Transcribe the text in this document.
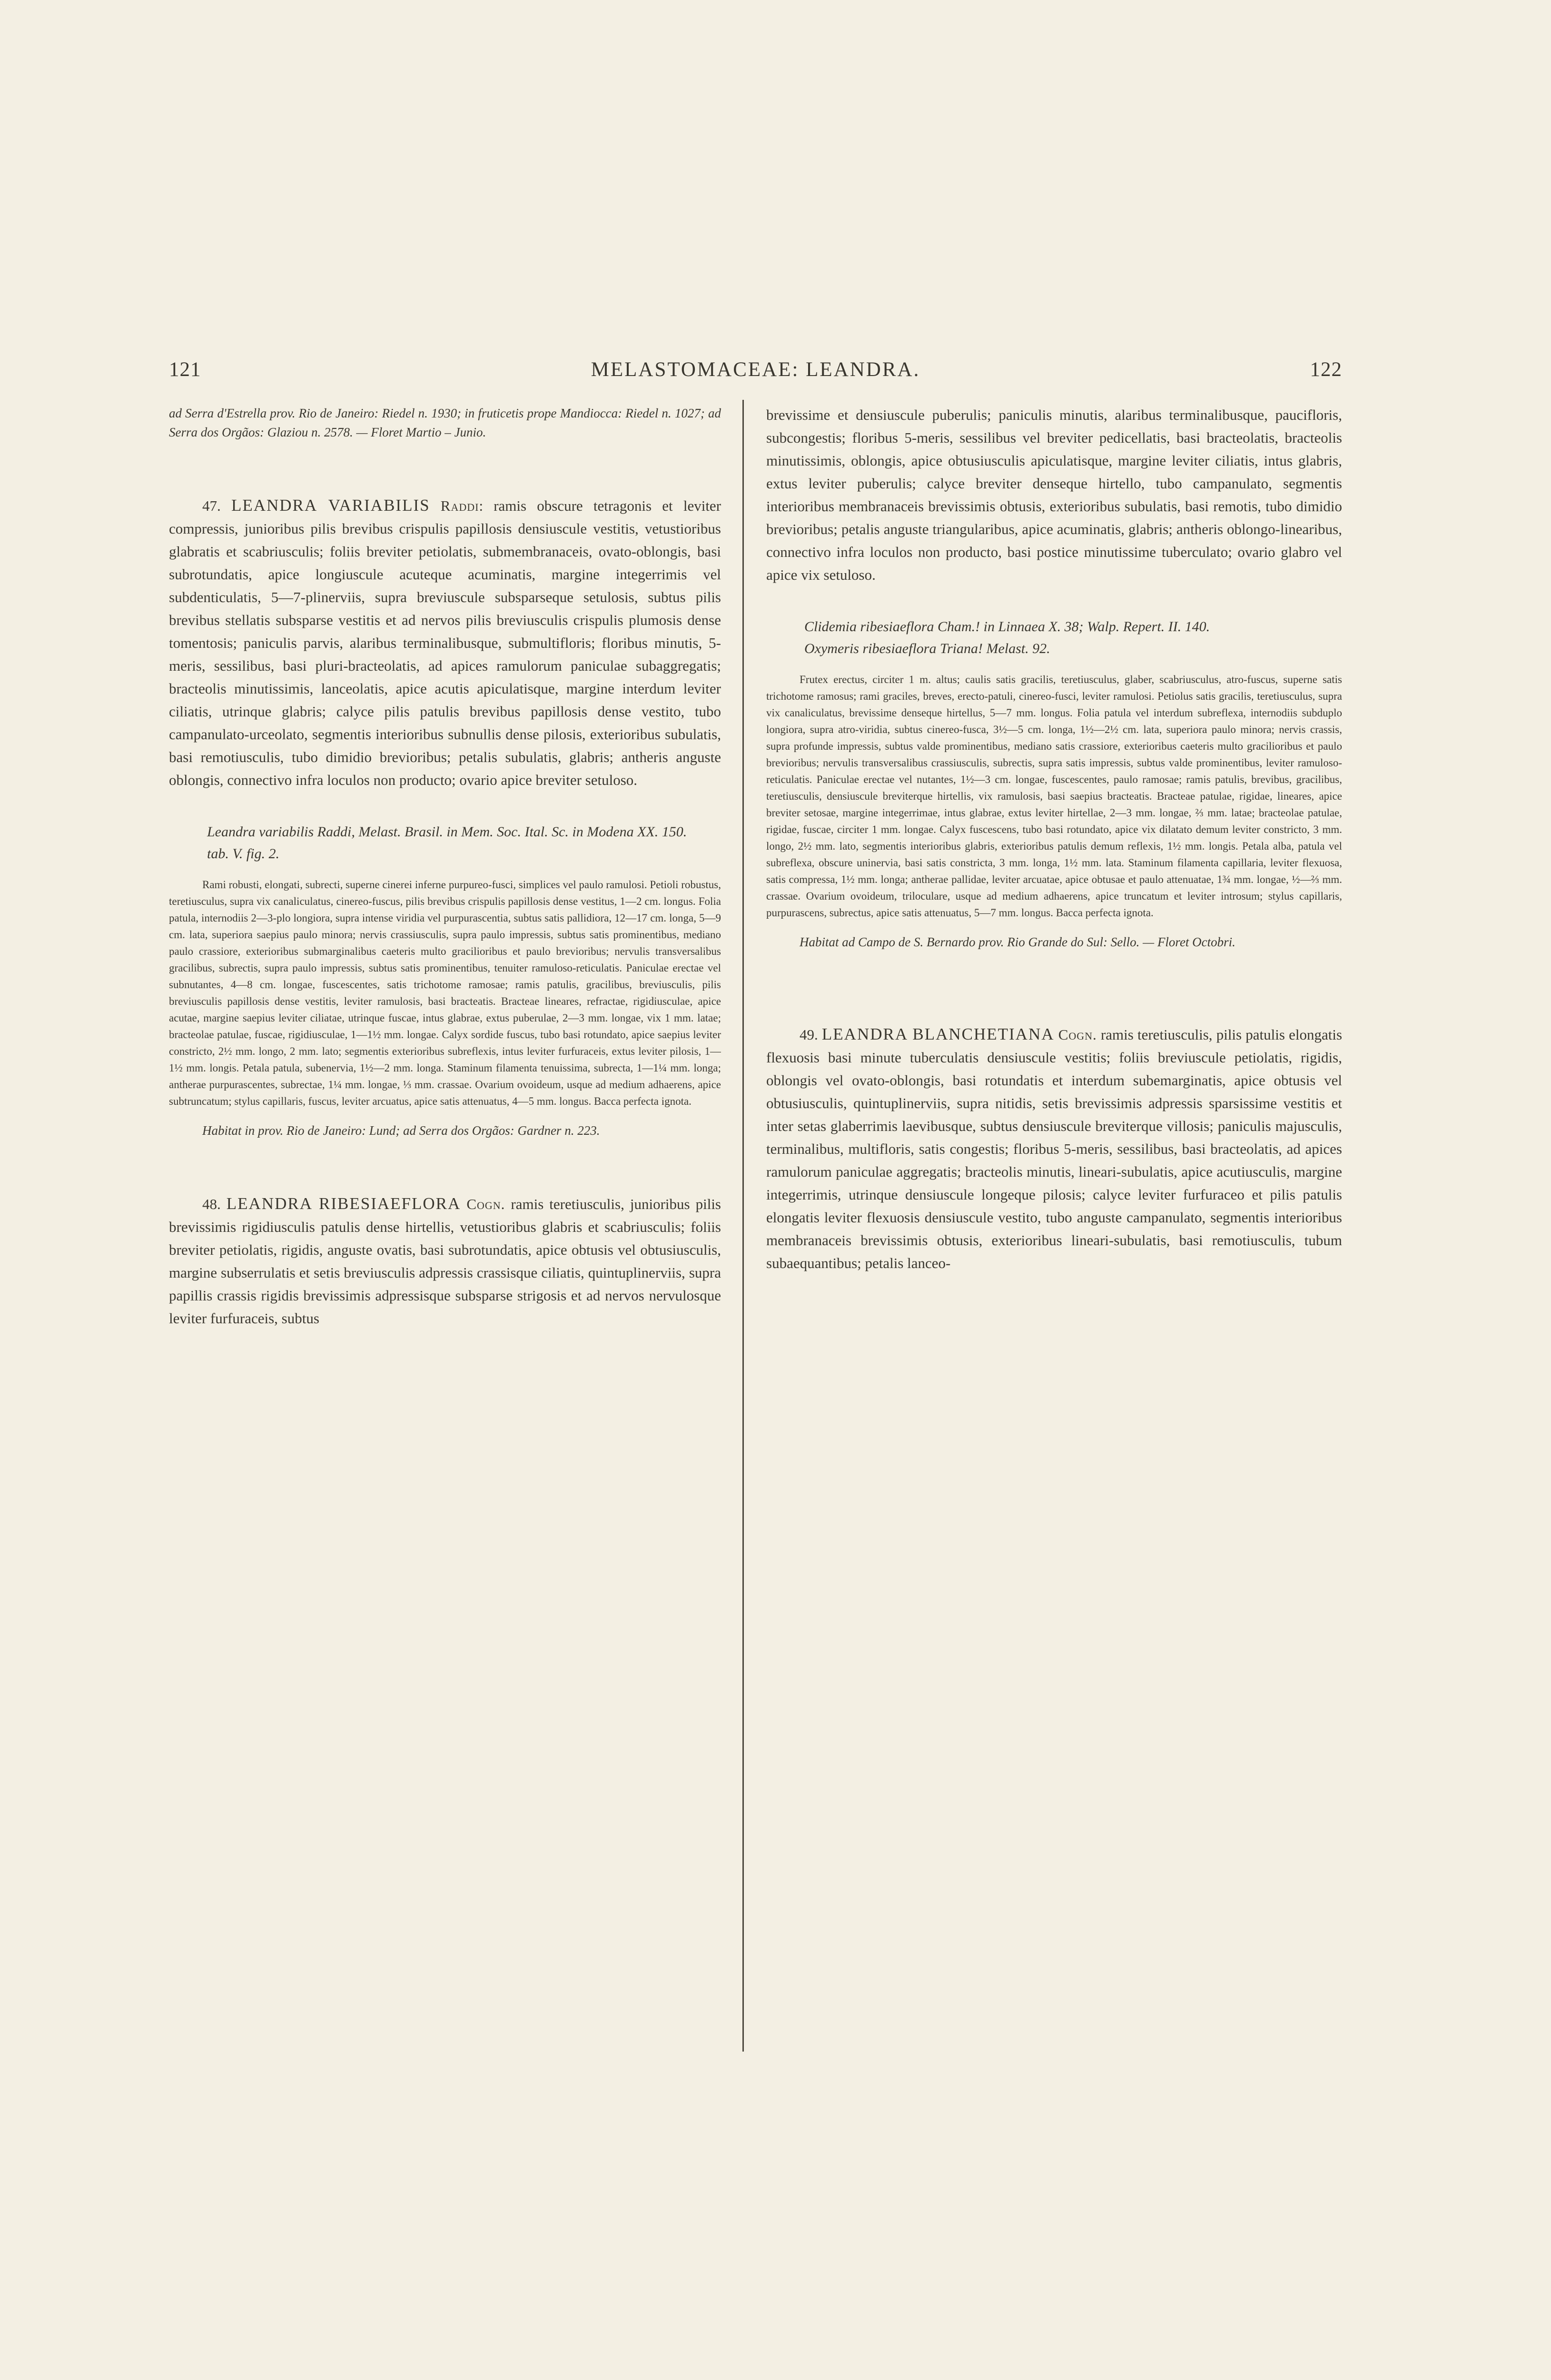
121	MELASTOMACEAE: LEANDRA.	122

ad Serra d'Estrella prov. Rio de Janeiro: Riedel n. 1930; in fruticetis prope Mandiocca: Riedel n. 1027; ad Serra dos Orgãos: Glaziou n. 2578. — Floret Martio – Junio.

47. LEANDRA VARIABILIS Raddi: ramis obscure tetragonis et leviter compressis, junioribus pilis brevibus crispulis papillosis densiuscule vestitis, vetustioribus glabratis et scabriusculis; foliis breviter petiolatis, submembranaceis, ovato-oblongis, basi subrotundatis, apice longiuscule acuteque acuminatis, margine integerrimis vel subdenticulatis, 5—7-plinerviis, supra breviuscule subsparseque setulosis, subtus pilis brevibus stellatis subsparse vestitis et ad nervos pilis breviusculis crispulis plumosis dense tomentosis; paniculis parvis, alaribus terminalibusque, submultifloris; floribus minutis, 5-meris, sessilibus, basi pluri-bracteolatis, ad apices ramulorum paniculae subaggregatis; bracteolis minutissimis, lanceolatis, apice acutis apiculatisque, margine interdum leviter ciliatis, utrinque glabris; calyce pilis patulis brevibus papillosis dense vestito, tubo campanulato-urceolato, segmentis interioribus subnullis dense pilosis, exterioribus subulatis, basi remotiusculis, tubo dimidio brevioribus; petalis subulatis, glabris; antheris anguste oblongis, connectivo infra loculos non producto; ovario apice breviter setuloso.

Leandra variabilis Raddi, Melast. Brasil. in Mem. Soc. Ital. Sc. in Modena XX. 150. tab. V. fig. 2.

Rami robusti, elongati, subrecti, superne cinerei inferne purpureo-fusci, simplices vel paulo ramulosi. Petioli robustus, teretiusculus, supra vix canaliculatus, cinereo-fuscus, pilis brevibus crispulis papillosis dense vestitus, 1—2 cm. longus. Folia patula, internodiis 2—3-plo longiora, supra intense viridia vel purpurascentia, subtus satis pallidiora, 12—17 cm. longa, 5—9 cm. lata, superiora saepius paulo minora; nervis crassiusculis, supra paulo impressis, subtus satis prominentibus, mediano paulo crassiore, exterioribus submarginalibus caeteris multo gracilioribus et paulo brevioribus; nervulis transversalibus gracilibus, subrectis, supra paulo impressis, subtus satis prominentibus, tenuiter ramuloso-reticulatis. Paniculae erectae vel subnutantes, 4—8 cm. longae, fuscescentes, satis trichotome ramosae; ramis patulis, gracilibus, breviusculis, pilis breviusculis papillosis dense vestitis, leviter ramulosis, basi bracteatis. Bracteae lineares, refractae, rigidiusculae, apice acutae, margine saepius leviter ciliatae, utrinque fuscae, intus glabrae, extus puberulae, 2—3 mm. longae, vix 1 mm. latae; bracteolae patulae, fuscae, rigidiusculae, 1—1½ mm. longae. Calyx sordide fuscus, tubo basi rotundato, apice saepius leviter constricto, 2½ mm. longo, 2 mm. lato; segmentis exterioribus subreflexis, intus leviter furfuraceis, extus leviter pilosis, 1—1½ mm. longis. Petala patula, subenervia, 1½—2 mm. longa. Staminum filamenta tenuissima, subrecta, 1—1¼ mm. longa; antherae purpurascentes, subrectae, 1¼ mm. longae, ⅓ mm. crassae. Ovarium ovoideum, usque ad medium adhaerens, apice subtruncatum; stylus capillaris, fuscus, leviter arcuatus, apice satis attenuatus, 4—5 mm. longus. Bacca perfecta ignota.

Habitat in prov. Rio de Janeiro: Lund; ad Serra dos Orgãos: Gardner n. 223.

48. LEANDRA RIBESIAEFLORA Cogn. ramis teretiusculis, junioribus pilis brevissimis rigidiusculis patulis dense hirtellis, vetustioribus glabris et scabriusculis; foliis breviter petiolatis, rigidis, anguste ovatis, basi subrotundatis, apice obtusis vel obtusiusculis, margine subserrulatis et setis breviusculis adpressis crassisque ciliatis, quintuplinerviis, supra papillis crassis rigidis brevissimis adpressisque subsparse strigosis et ad nervos nervulosque leviter furfuraceis, subtus

brevissime et densiuscule puberulis; paniculis minutis, alaribus terminalibusque, paucifloris, subcongestis; floribus 5-meris, sessilibus vel breviter pedicellatis, basi bracteolatis, bracteolis minutissimis, oblongis, apice obtusiusculis apiculatisque, margine leviter ciliatis, intus glabris, extus leviter puberulis; calyce breviter denseque hirtello, tubo campanulato, segmentis interioribus membranaceis brevissimis obtusis, exterioribus subulatis, basi remotis, tubo dimidio brevioribus; petalis anguste triangularibus, apice acuminatis, glabris; antheris oblongo-linearibus, connectivo infra loculos non producto, basi postice minutissime tuberculato; ovario glabro vel apice vix setuloso.

Clidemia ribesiaeflora Cham.! in Linnaea X. 38; Walp. Repert. II. 140.

Oxymeris ribesiaeflora Triana! Melast. 92.

Frutex erectus, circiter 1 m. altus; caulis satis gracilis, teretiusculus, glaber, scabriusculus, atro-fuscus, superne satis trichotome ramosus; rami graciles, breves, erecto-patuli, cinereo-fusci, leviter ramulosi. Petiolus satis gracilis, teretiusculus, supra vix canaliculatus, brevissime denseque hirtellus, 5—7 mm. longus. Folia patula vel interdum subreflexa, internodiis subduplo longiora, supra atro-viridia, subtus cinereo-fusca, 3½—5 cm. longa, 1½—2½ cm. lata, superiora paulo minora; nervis crassis, supra profunde impressis, subtus valde prominentibus, mediano satis crassiore, exterioribus caeteris multo gracilioribus et paulo brevioribus; nervulis transversalibus crassiusculis, subrectis, supra satis impressis, subtus valde prominentibus, leviter ramuloso-reticulatis. Paniculae erectae vel nutantes, 1½—3 cm. longae, fuscescentes, paulo ramosae; ramis patulis, brevibus, gracilibus, teretiusculis, densiuscule breviterque hirtellis, vix ramulosis, basi saepius bracteatis. Bracteae patulae, rigidae, lineares, apice breviter setosae, margine integerrimae, intus glabrae, extus leviter hirtellae, 2—3 mm. longae, ⅔ mm. latae; bracteolae patulae, rigidae, fuscae, circiter 1 mm. longae. Calyx fuscescens, tubo basi rotundato, apice vix dilatato demum leviter constricto, 3 mm. longo, 2½ mm. lato, segmentis interioribus glabris, exterioribus patulis demum reflexis, 1½ mm. longis. Petala alba, patula vel subreflexa, obscure uninervia, basi satis constricta, 3 mm. longa, 1½ mm. lata. Staminum filamenta capillaria, leviter flexuosa, satis compressa, 1½ mm. longa; antherae pallidae, leviter arcuatae, apice obtusae et paulo attenuatae, 1¾ mm. longae, ½—⅔ mm. crassae. Ovarium ovoideum, triloculare, usque ad medium adhaerens, apice truncatum et leviter introsum; stylus capillaris, purpurascens, subrectus, apice satis attenuatus, 5—7 mm. longus. Bacca perfecta ignota.

Habitat ad Campo de S. Bernardo prov. Rio Grande do Sul: Sello. — Floret Octobri.

49. LEANDRA BLANCHETIANA Cogn. ramis teretiusculis, pilis patulis elongatis flexuosis basi minute tuberculatis densiuscule vestitis; foliis breviuscule petiolatis, rigidis, oblongis vel ovato-oblongis, basi rotundatis et interdum subemarginatis, apice obtusis vel obtusiusculis, quintuplinerviis, supra nitidis, setis brevissimis adpressis sparsissime vestitis et inter setas glaberrimis laevibusque, subtus densiuscule breviterque villosis; paniculis majusculis, terminalibus, multifloris, satis congestis; floribus 5-meris, sessilibus, basi bracteolatis, ad apices ramulorum paniculae aggregatis; bracteolis minutis, lineari-subulatis, apice acutiusculis, margine integerrimis, utrinque densiuscule longeque pilosis; calyce leviter furfuraceo et pilis patulis elongatis leviter flexuosis densiuscule vestito, tubo anguste campanulato, segmentis interioribus membranaceis brevissimis obtusis, exterioribus lineari-subulatis, basi remotiusculis, tubum subaequantibus; petalis lanceo-
